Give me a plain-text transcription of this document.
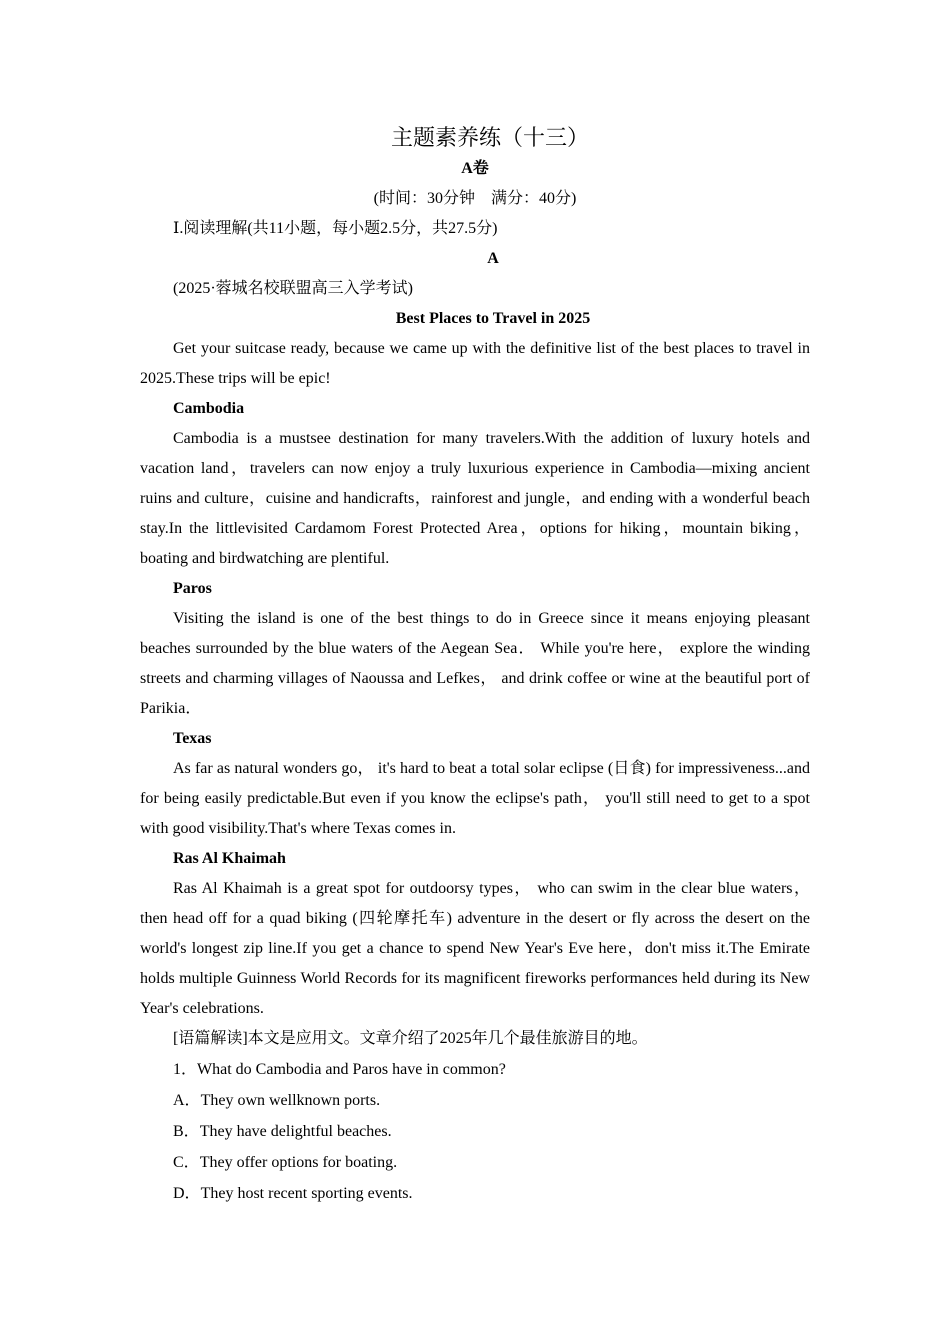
主题素养练（十三）

A卷

(时间：30分钟　满分：40分)

Ⅰ.阅读理解(共11小题，每小题2.5分，共27.5分)

A

(2025·蓉城名校联盟高三入学考试)

Best Places to Travel in 2025

Get your suitcase ready, because we came up with the definitive list of the best places to travel in 2025.These trips will be epic!

Cambodia

Cambodia is a mustsee destination for many travelers.With the addition of luxury hotels and vacation land，travelers can now enjoy a truly luxurious experience in Cambodia—mixing ancient ruins and culture，cuisine and handicrafts，rainforest and jungle，and ending with a wonderful beach stay.In the littlevisited Cardamom Forest Protected Area，options for hiking，mountain biking，boating and birdwatching are plentiful.

Paros

Visiting the island is one of the best things to do in Greece since it means enjoying pleasant beaches surrounded by the blue waters of the Aegean Sea． While you're here， explore the winding streets and charming villages of Naoussa and Lefkes， and drink coffee or wine at the beautiful port of Parikia．

Texas

As far as natural wonders go， it's hard to beat a total solar eclipse (日食) for impressiveness...and for being easily predictable.But even if you know the eclipse's path， you'll still need to get to a spot with good visibility.That's where Texas comes in.

Ras Al Khaimah

Ras Al Khaimah is a great spot for outdoorsy types， who can swim in the clear blue waters， then head off for a quad biking (四轮摩托车) adventure in the desert or fly across the desert on the world's longest zip line.If you get a chance to spend New Year's Eve here，don't miss it.The Emirate holds multiple Guinness World Records for its magnificent fireworks performances held during its New Year's celebrations.

[语篇解读]本文是应用文。文章介绍了2025年几个最佳旅游目的地。

1．What do Cambodia and Paros have in common?

A．They own wellknown ports.

B．They have delightful beaches.

C．They offer options for boating.

D．They host recent sporting events.
